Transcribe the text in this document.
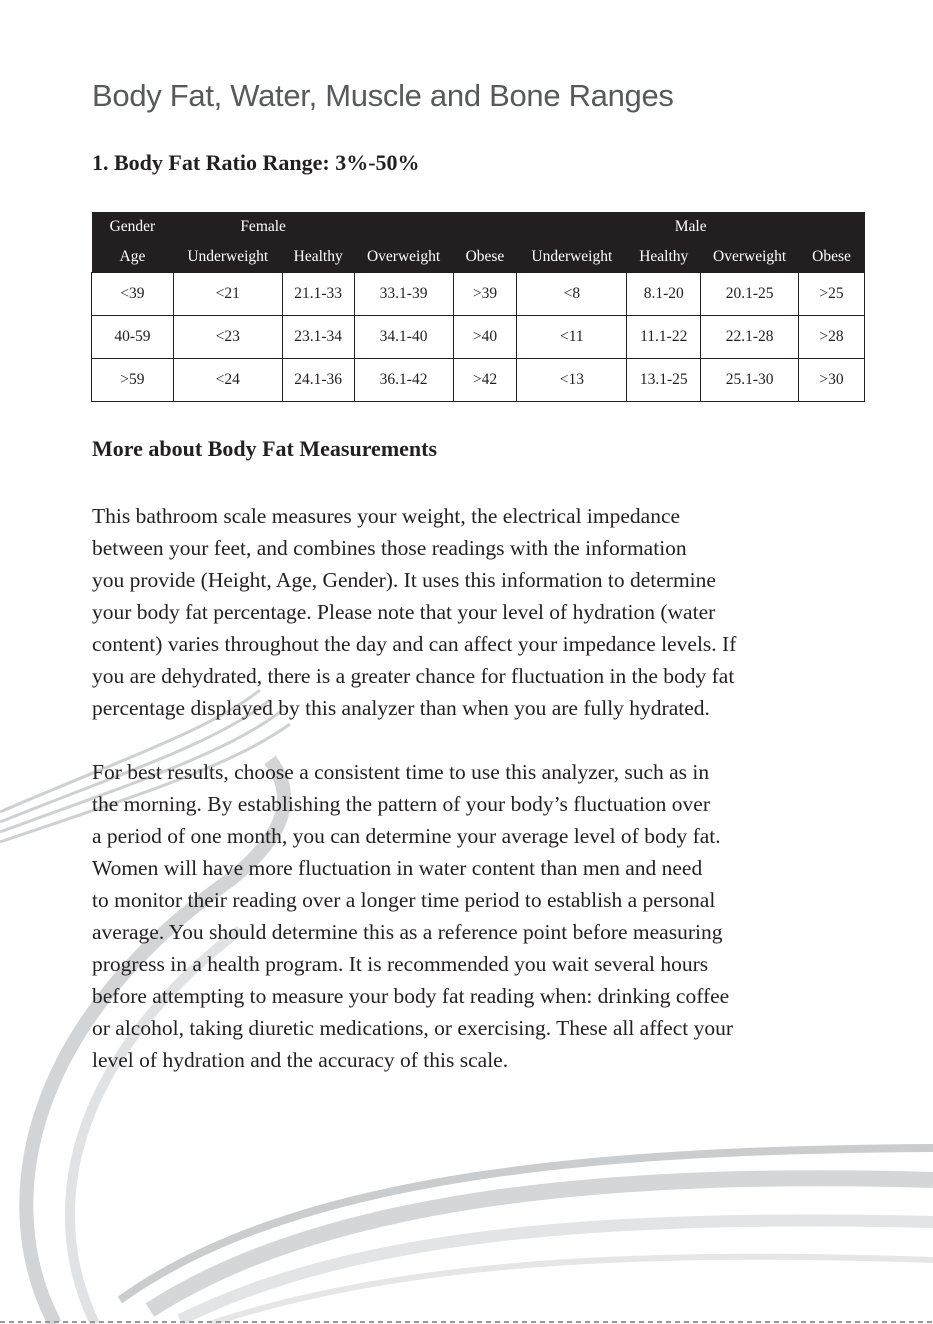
Body Fat, Water, Muscle and Bone Ranges
1. Body Fat Ratio Range: 3%-50%
Gender	Female				Male			
Age	Underweight	Healthy	Overweight	Obese	Underweight	Healthy	Overweight	Obese
<39	<21	21.1-33	33.1-39	>39	<8	8.1-20	20.1-25	>25
40-59	<23	23.1-34	34.1-40	>40	<11	11.1-22	22.1-28	>28
>59	<24	24.1-36	36.1-42	>42	<13	13.1-25	25.1-30	>30
More about Body Fat Measurements

This bathroom scale measures your weight, the electrical impedance
between your feet, and combines those readings with the information
you provide (Height, Age, Gender). It uses this information to determine
your body fat percentage. Please note that your level of hydration (water
content) varies throughout the day and can affect your impedance levels. If
you are dehydrated, there is a greater chance for fluctuation in the body fat
percentage displayed by this analyzer than when you are fully hydrated.

For best results, choose a consistent time to use this analyzer, such as in
the morning. By establishing the pattern of your body’s fluctuation over
a period of one month, you can determine your average level of body fat.
Women will have more fluctuation in water content than men and need
to monitor their reading over a longer time period to establish a personal
average. You should determine this as a reference point before measuring
progress in a health program. It is recommended you wait several hours
before attempting to measure your body fat reading when: drinking coffee
or alcohol, taking diuretic medications, or exercising. These all affect your
level of hydration and the accuracy of this scale.
